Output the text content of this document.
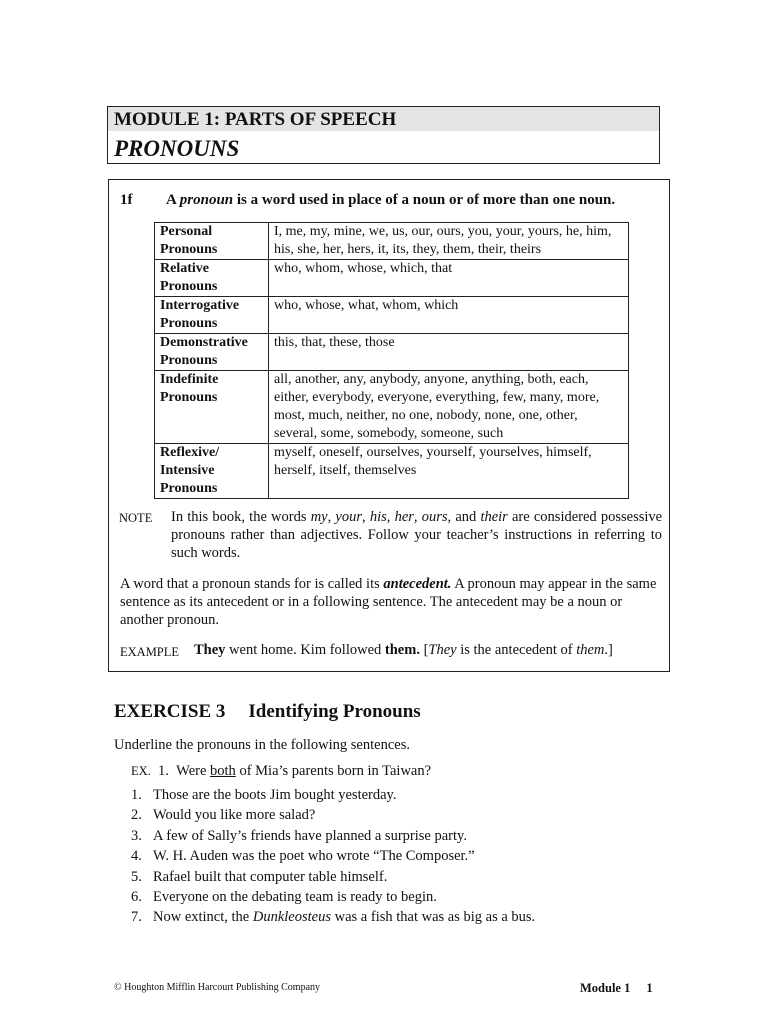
MODULE 1: PARTS OF SPEECH
PRONOUNS
1f A pronoun is a word used in place of a noun or of more than one noun.
Personal
Pronouns	I, me, my, mine, we, us, our, ours, you, your, yours, he, him, his, she, her, hers, it, its, they, them, their, theirs
Relative
Pronouns	who, whom, whose, which, that
Interrogative
Pronouns	who, whose, what, whom, which
Demonstrative
Pronouns	this, that, these, those
Indefinite
Pronouns	all, another, any, anybody, anyone, anything, both, each, either, everybody, everyone, everything, few, many, more, most, much, neither, no one, nobody, none, one, other, several, some, somebody, someone, such
Reflexive/
Intensive
Pronouns	myself, oneself, ourselves, yourself, yourselves, himself, herself, itself, themselves
NOTE In this book, the words my, your, his, her, ours, and their are considered possessive pronouns rather than adjectives. Follow your teacher’s instructions in referring to such words.
A word that a pronoun stands for is called its antecedent. A pronoun may appear in the same sentence as its antecedent or in a following sentence. The antecedent may be a noun or another pronoun.
EXAMPLE They went home. Kim followed them. [They is the antecedent of them.]
EXERCISE 3 Identifying Pronouns
Underline the pronouns in the following sentences.
EX. 1. Were both of Mia’s parents born in Taiwan?
1. Those are the boots Jim bought yesterday.
2. Would you like more salad?
3. A few of Sally’s friends have planned a surprise party.
4. W. H. Auden was the poet who wrote “The Composer.”
5. Rafael built that computer table himself.
6. Everyone on the debating team is ready to begin.
7. Now extinct, the Dunkleosteus was a fish that was as big as a bus.
© Houghton Mifflin Harcourt Publishing Company	Module 1 1
